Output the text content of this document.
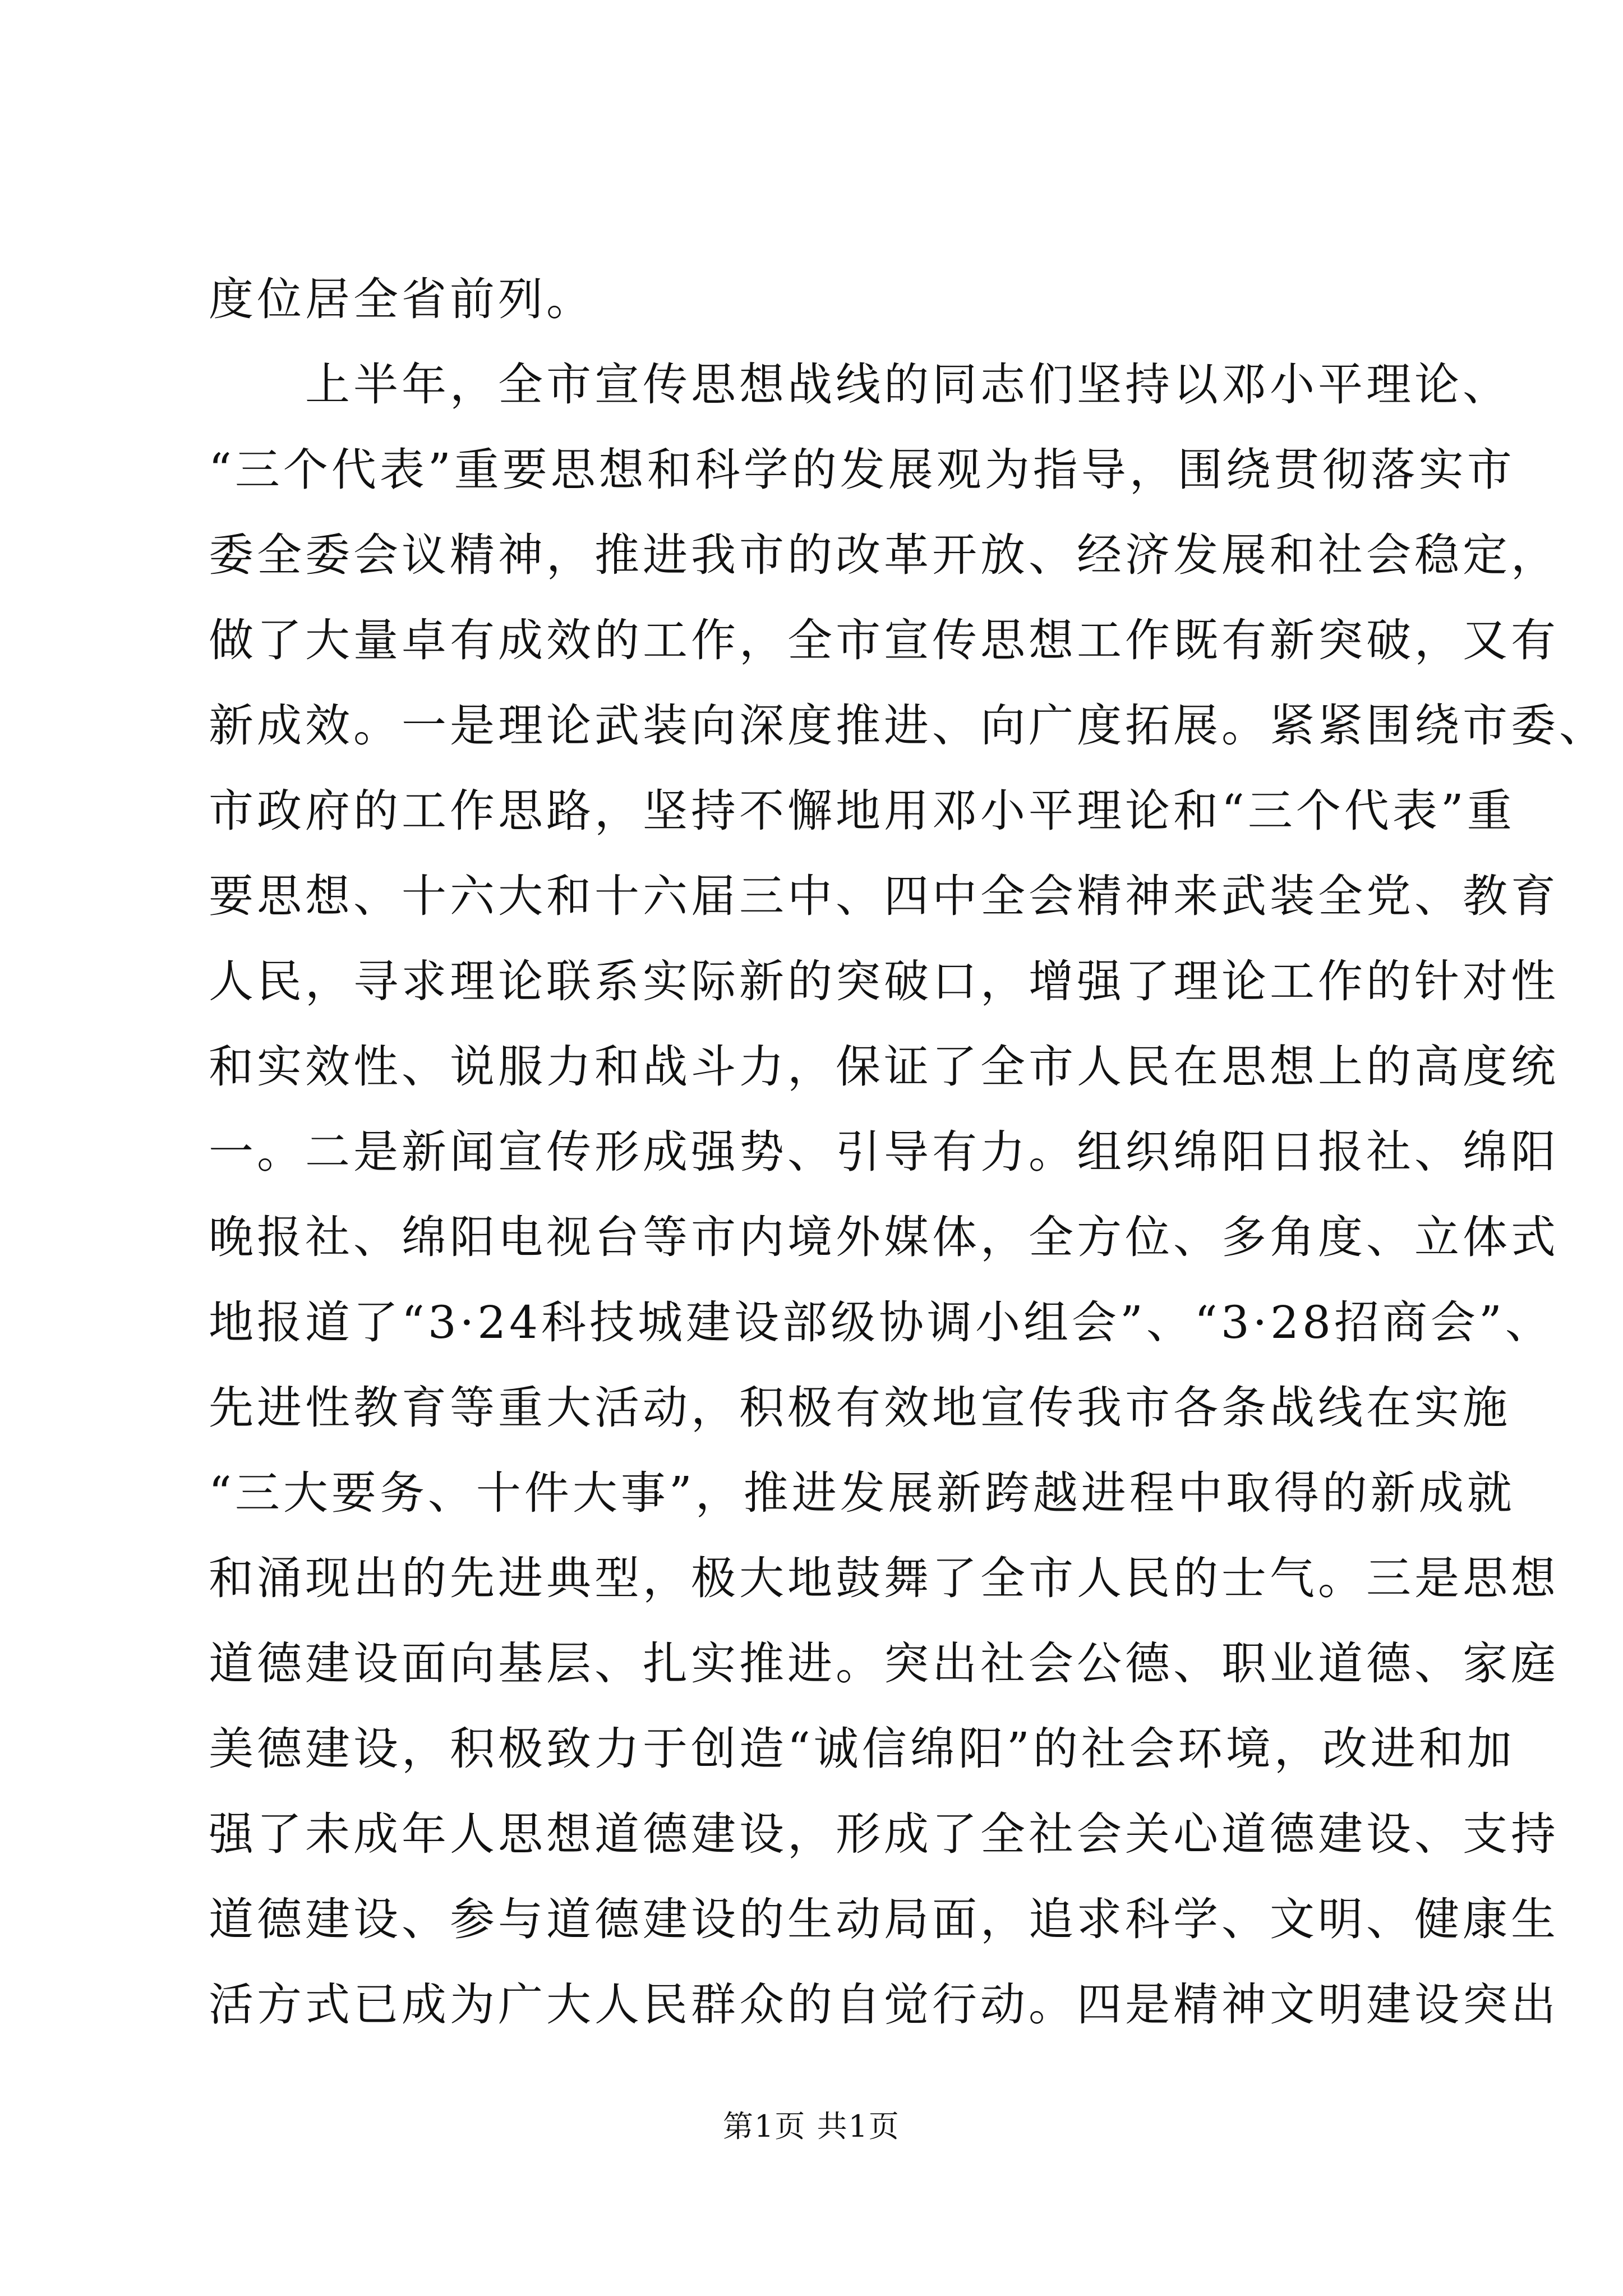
度位居全省前列。
上半年，全市宣传思想战线的同志们坚持以邓小平理论、
“三个代表”重要思想和科学的发展观为指导，围绕贯彻落实市
委全委会议精神，推进我市的改革开放、经济发展和社会稳定，
做了大量卓有成效的工作，全市宣传思想工作既有新突破，又有
新成效。一是理论武装向深度推进、向广度拓展。紧紧围绕市委、
市政府的工作思路，坚持不懈地用邓小平理论和“三个代表”重
要思想、十六大和十六届三中、四中全会精神来武装全党、教育
人民，寻求理论联系实际新的突破口，增强了理论工作的针对性
和实效性、说服力和战斗力，保证了全市人民在思想上的高度统
一。二是新闻宣传形成强势、引导有力。组织绵阳日报社、绵阳
晚报社、绵阳电视台等市内境外媒体，全方位、多角度、立体式
地报道了“3·24科技城建设部级协调小组会”、“3·28招商会”、
先进性教育等重大活动，积极有效地宣传我市各条战线在实施
“三大要务、十件大事”，推进发展新跨越进程中取得的新成就
和涌现出的先进典型，极大地鼓舞了全市人民的士气。三是思想
道德建设面向基层、扎实推进。突出社会公德、职业道德、家庭
美德建设，积极致力于创造“诚信绵阳”的社会环境，改进和加
强了未成年人思想道德建设，形成了全社会关心道德建设、支持
道德建设、参与道德建设的生动局面，追求科学、文明、健康生
活方式已成为广大人民群众的自觉行动。四是精神文明建设突出
第1页 共1页
